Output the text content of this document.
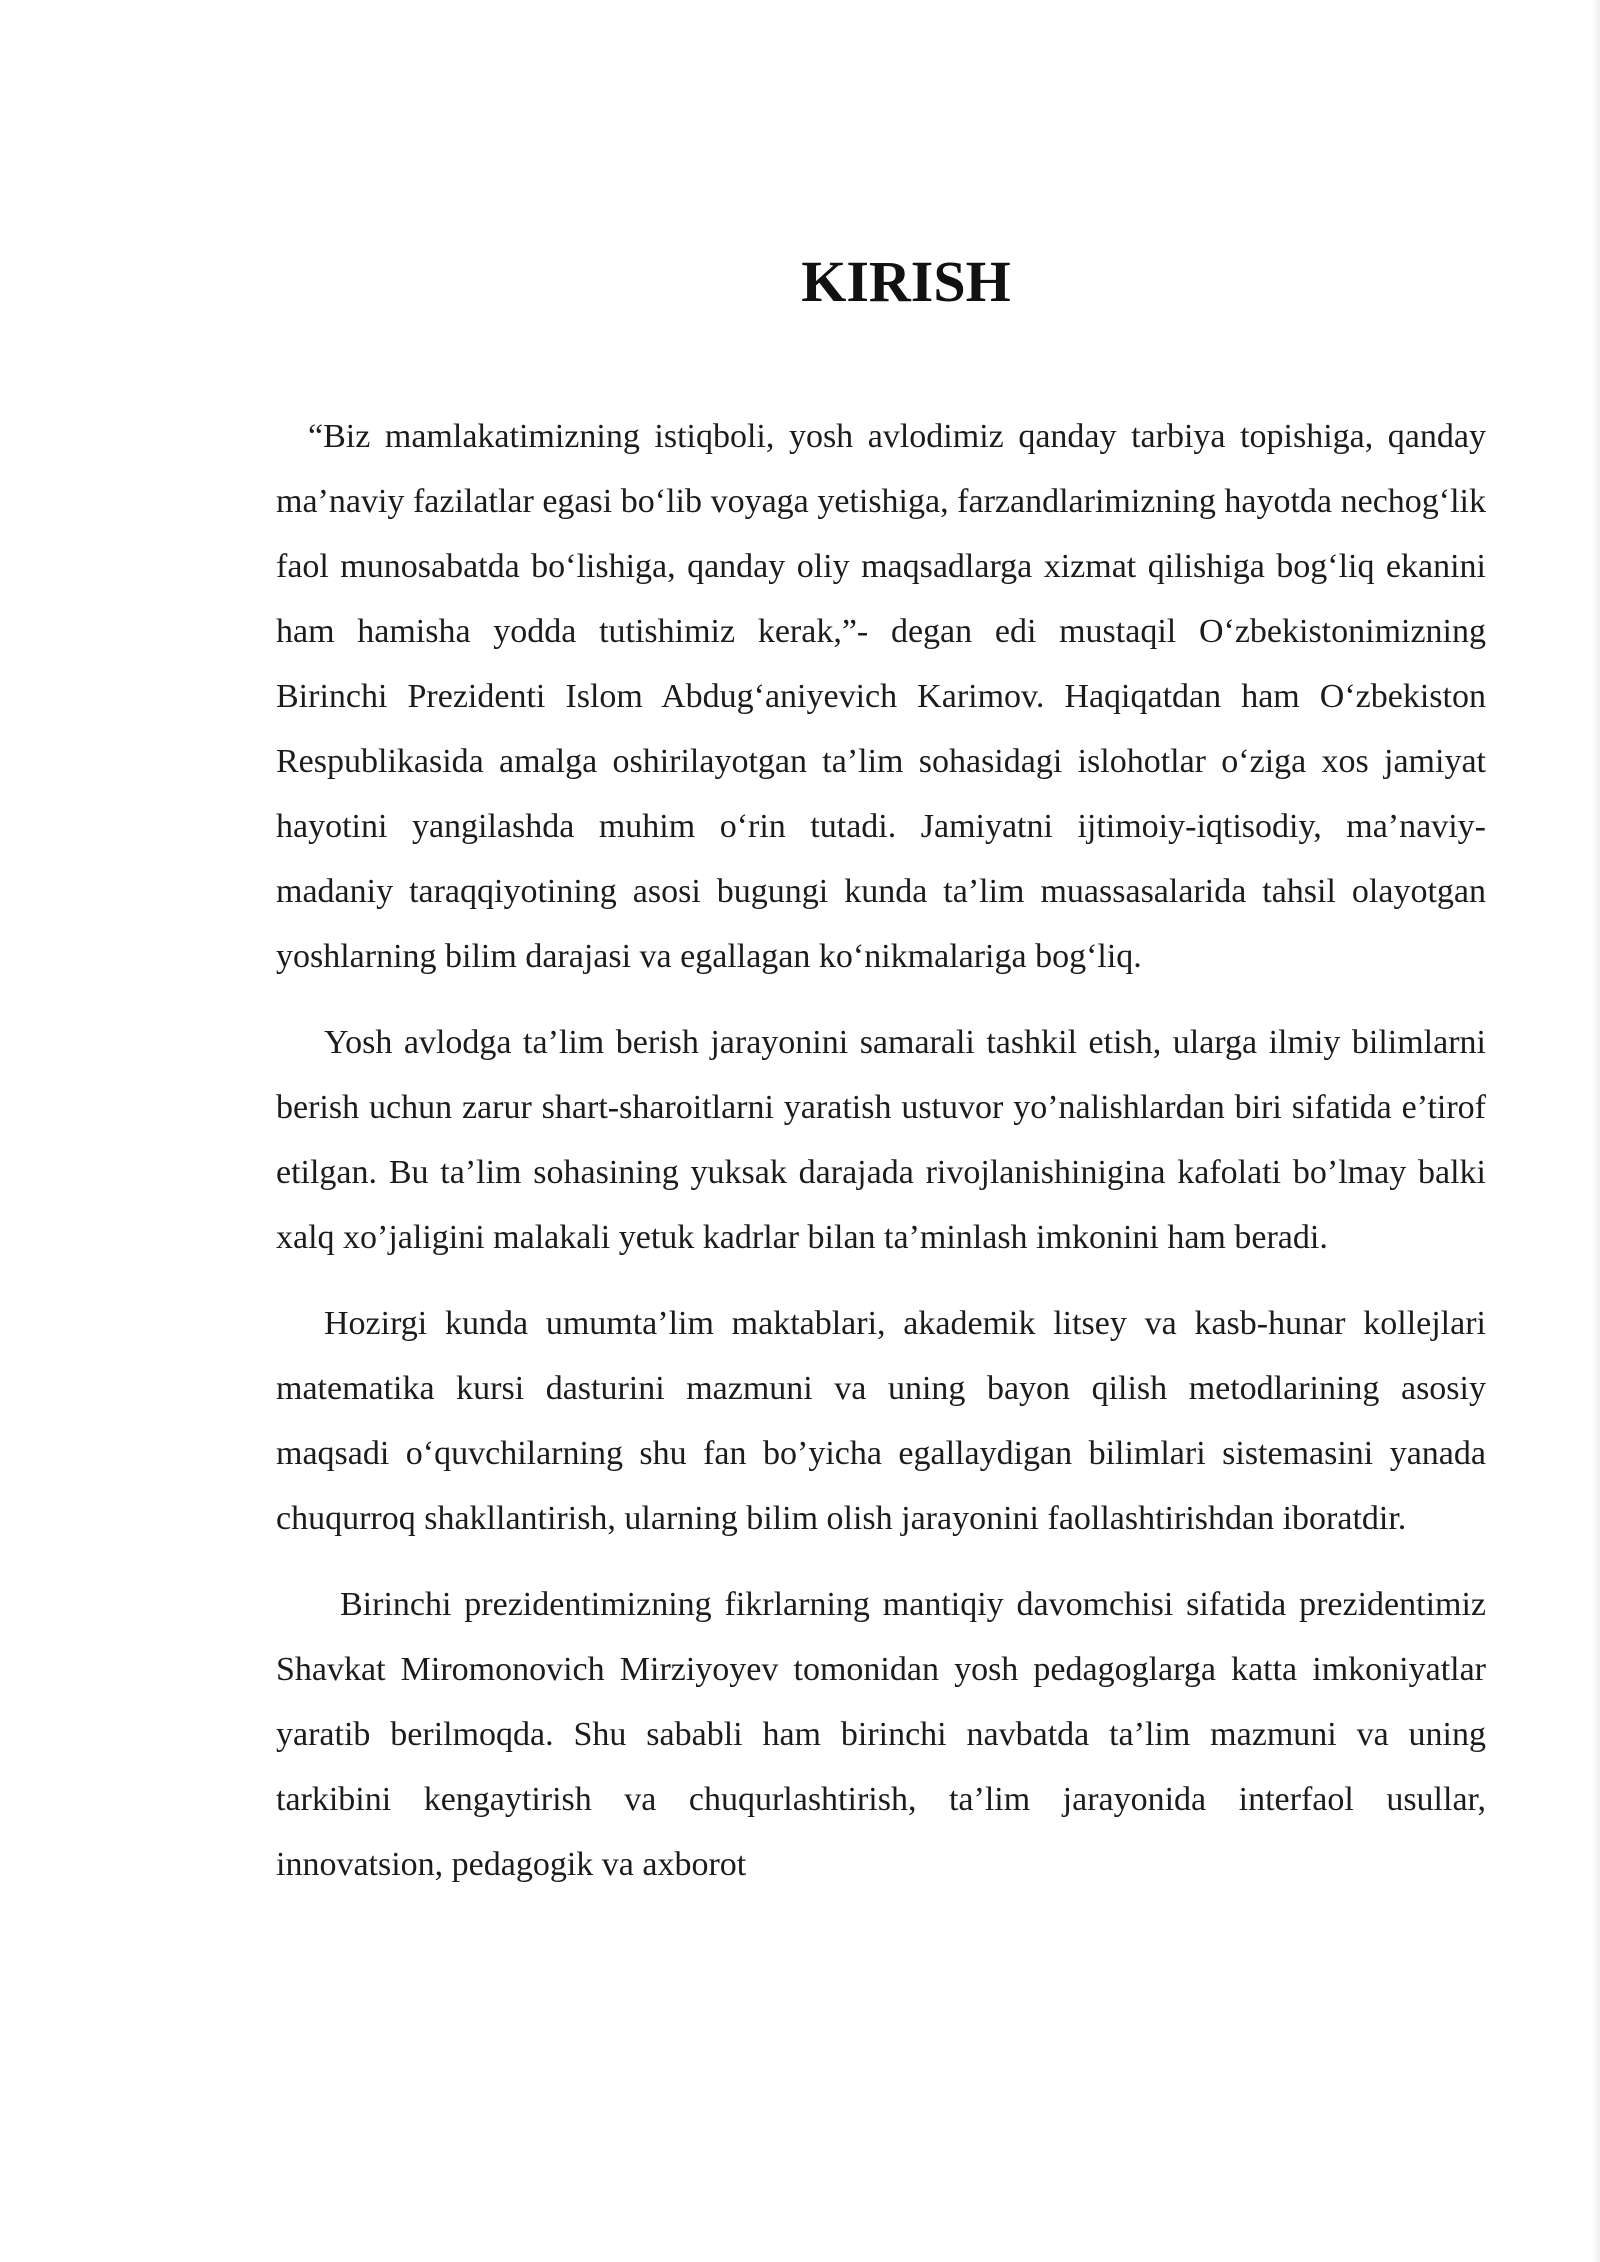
KIRISH

“Biz mamlakatimizning istiqboli, yosh avlodimiz qanday tarbiya topishiga, qanday ma’naviy fazilatlar egasi bo‘lib voyaga yetishiga, farzandlarimizning hayotda nechog‘lik faol munosabatda bo‘lishiga, qanday oliy maqsadlarga xizmat qilishiga bog‘liq ekanini ham hamisha yodda tutishimiz kerak,”- degan edi mustaqil O‘zbekistonimizning Birinchi Prezidenti Islom Abdug‘aniyevich Karimov. Haqiqatdan ham O‘zbekiston Respublikasida amalga oshirilayotgan ta’lim sohasidagi islohotlar o‘ziga xos jamiyat hayotini yangilashda muhim o‘rin tutadi. Jamiyatni ijtimoiy-iqtisodiy, ma’naviy-madaniy taraqqiyotining asosi bugungi kunda ta’lim muassasalarida tahsil olayotgan yoshlarning bilim darajasi va egallagan ko‘nikmalariga bog‘liq.

Yosh avlodga ta’lim berish jarayonini samarali tashkil etish, ularga ilmiy bilimlarni berish uchun zarur shart-sharoitlarni yaratish ustuvor yo’nalishlardan biri sifatida e’tirof etilgan. Bu ta’lim sohasining yuksak darajada rivojlanishinigina kafolati bo’lmay balki xalq xo’jaligini malakali yetuk kadrlar bilan ta’minlash imkonini ham beradi.

Hozirgi kunda umumta’lim maktablari, akademik litsey va kasb-hunar kollejlari matematika kursi dasturini mazmuni va uning bayon qilish metodlarining asosiy maqsadi o‘quvchilarning shu fan bo’yicha egallaydigan bilimlari sistemasini yanada chuqurroq shakllantirish, ularning bilim olish jarayonini faollashtirishdan iboratdir.

Birinchi prezidentimizning fikrlarning mantiqiy davomchisi sifatida prezidentimiz Shavkat Miromonovich Mirziyoyev tomonidan yosh pedagoglarga katta imkoniyatlar yaratib berilmoqda. Shu sababli ham birinchi navbatda ta’lim mazmuni va uning tarkibini kengaytirish va chuqurlashtirish, ta’lim jarayonida interfaol usullar, innovatsion, pedagogik va axborot
